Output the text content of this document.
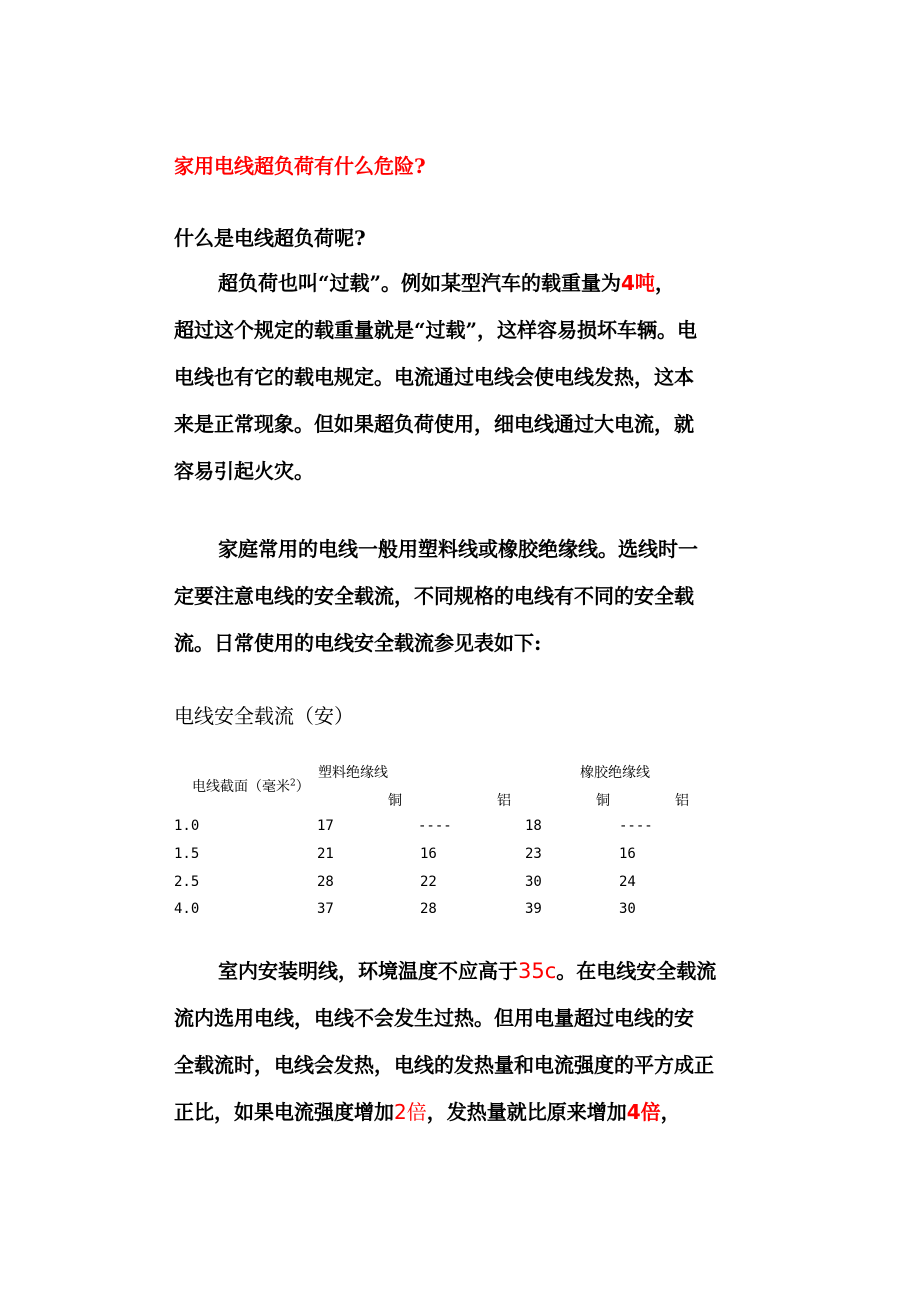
家用电线超负荷有什么危险?
什么是电线超负荷呢?
超负荷也叫“过载”。例如某型汽车的载重量为4吨，
超过这个规定的载重量就是“过载”，这样容易损坏车辆。电
电线也有它的载电规定。电流通过电线会使电线发热，这本
来是正常现象。但如果超负荷使用，细电线通过大电流，就
容易引起火灾。
家庭常用的电线一般用塑料线或橡胶绝缘线。选线时一
定要注意电线的安全载流，不同规格的电线有不同的安全载
流。日常使用的电线安全载流参见表如下:
电线安全载流（安）
电线截面（毫米$^2$）
塑料绝缘线	橡胶绝缘线
铜	铝	铜	铝
1.0	17	----	18	----
1.5	21	16	23	16
2.5	28	22	30	24
4.0	37	28	39	30
室内安装明线，环境温度不应高于35c。在电线安全载流
流内选用电线，电线不会发生过热。但用电量超过电线的安
全载流时，电线会发热，电线的发热量和电流强度的平方成正
正比，如果电流强度增加2倍，发热量就比原来增加4倍，
